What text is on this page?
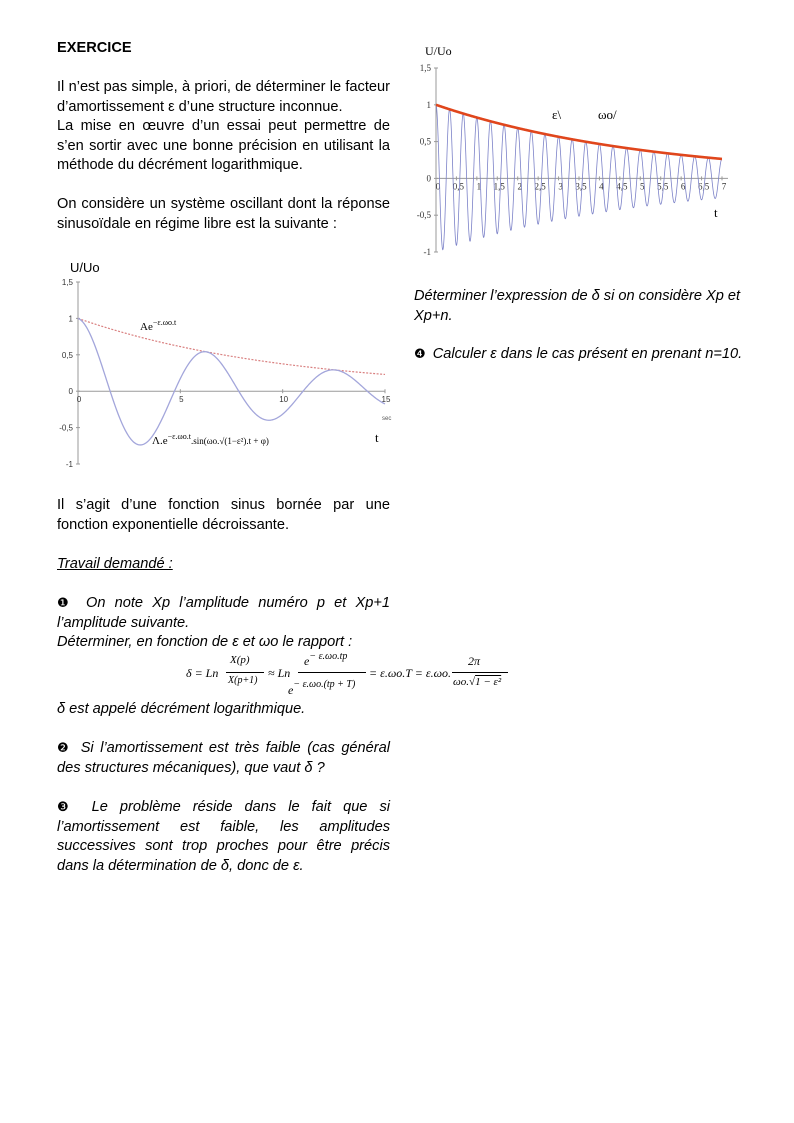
EXERCICE
Il n’est pas simple, à priori, de déterminer le facteur d’amortissement ε d’une structure inconnue.
La mise en œuvre d’un essai peut permettre de s’en sortir avec une bonne précision en utilisant la méthode du décrément logarithmique.
On considère un système oscillant dont la réponse sinusoïdale en régime libre est la suivante :
U/Uo
1,5
1
0,5
0
-0,5
-1
0	5	10	15
$Ae^{-\varepsilon.\omega o.t}$
$\Lambda.e^{-\varepsilon.\omega o.t}_{.sin(\omega o.√(1-\varepsilon^2).t + \varphi)}$
sec
t
Il s’agit d’une fonction sinus bornée par une fonction exponentielle décroissante.
Travail demandé :
❶ On note Xp l’amplitude numéro p et Xp+1 l’amplitude suivante.
Déterminer, en fonction de ε et ωo le rapport :
δ = Ln
X(p)
X(p+1)
≈ Ln
$e^{- \varepsilon.\omega o.tp}$
e− ε.ωo.(tp + T)
= ε.ωo.T = ε.ωo.
2π
ωo.√1 − ε²
δ est appelé décrément logarithmique.
❷ Si l’amortissement est très faible (cas général des structures mécaniques), que vaut δ ?
❸ Le problème réside dans le fait que si l’amortissement est faible, les amplitudes successives sont trop proches pour être précis dans la détermination de δ, donc de ε.
U/Uo
1,5
1
0,5
0
-0,5
-1
0 0,5 1 1,5 2 2,5 3 3,5 4 4,5 5 5,5 6 6,5 7
ε\	ωo/
t
Déterminer l’expression de δ si on considère Xp et Xp+n.
❹ Calculer ε dans le cas présent en prenant n=10.
